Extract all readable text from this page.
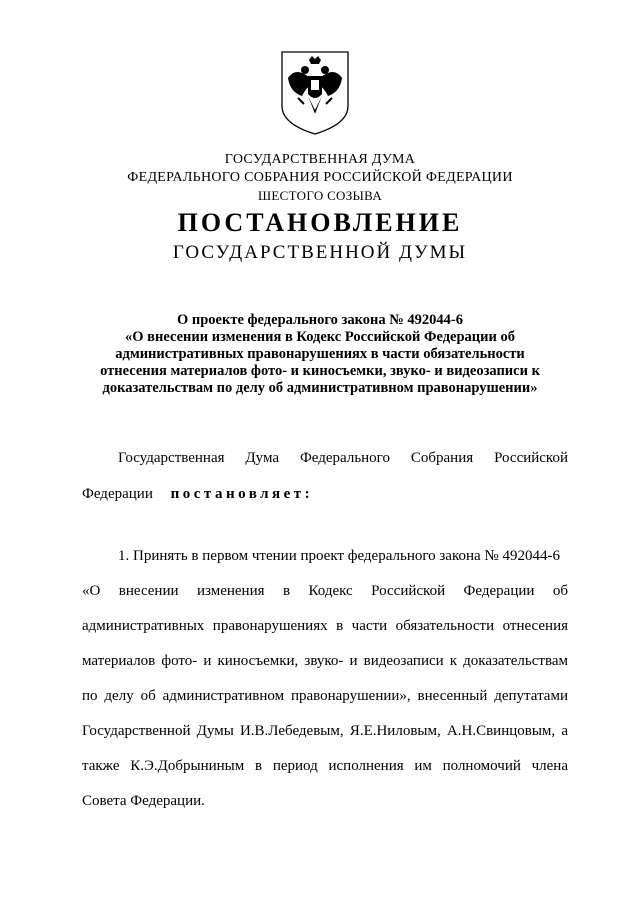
ГОСУДАРСТВЕННАЯ ДУМА
ФЕДЕРАЛЬНОГО СОБРАНИЯ РОССИЙСКОЙ ФЕДЕРАЦИИ
ШЕСТОГО СОЗЫВА
ПОСТАНОВЛЕНИЕ
ГОСУДАРСТВЕННОЙ ДУМЫ
О проекте федерального закона № 492044-6
«О внесении изменения в Кодекс Российской Федерации об
административных правонарушениях в части обязательности
отнесения материалов фото- и киносъемки, звуко- и видеозаписи к
доказательствам по делу об административном правонарушении»
Государственная Дума Федерального Собрания Российской
Федерации постановляет:
1. Принять в первом чтении проект федерального закона № 492044-6
«О внесении изменения в Кодекс Российской Федерации об
административных правонарушениях в части обязательности отнесения
материалов фото- и киносъемки, звуко- и видеозаписи к доказательствам
по делу об административном правонарушении», внесенный депутатами
Государственной Думы И.В.Лебедевым, Я.Е.Ниловым, А.Н.Свинцовым, а
также К.Э.Добрыниным в период исполнения им полномочий члена
Совета Федерации.
